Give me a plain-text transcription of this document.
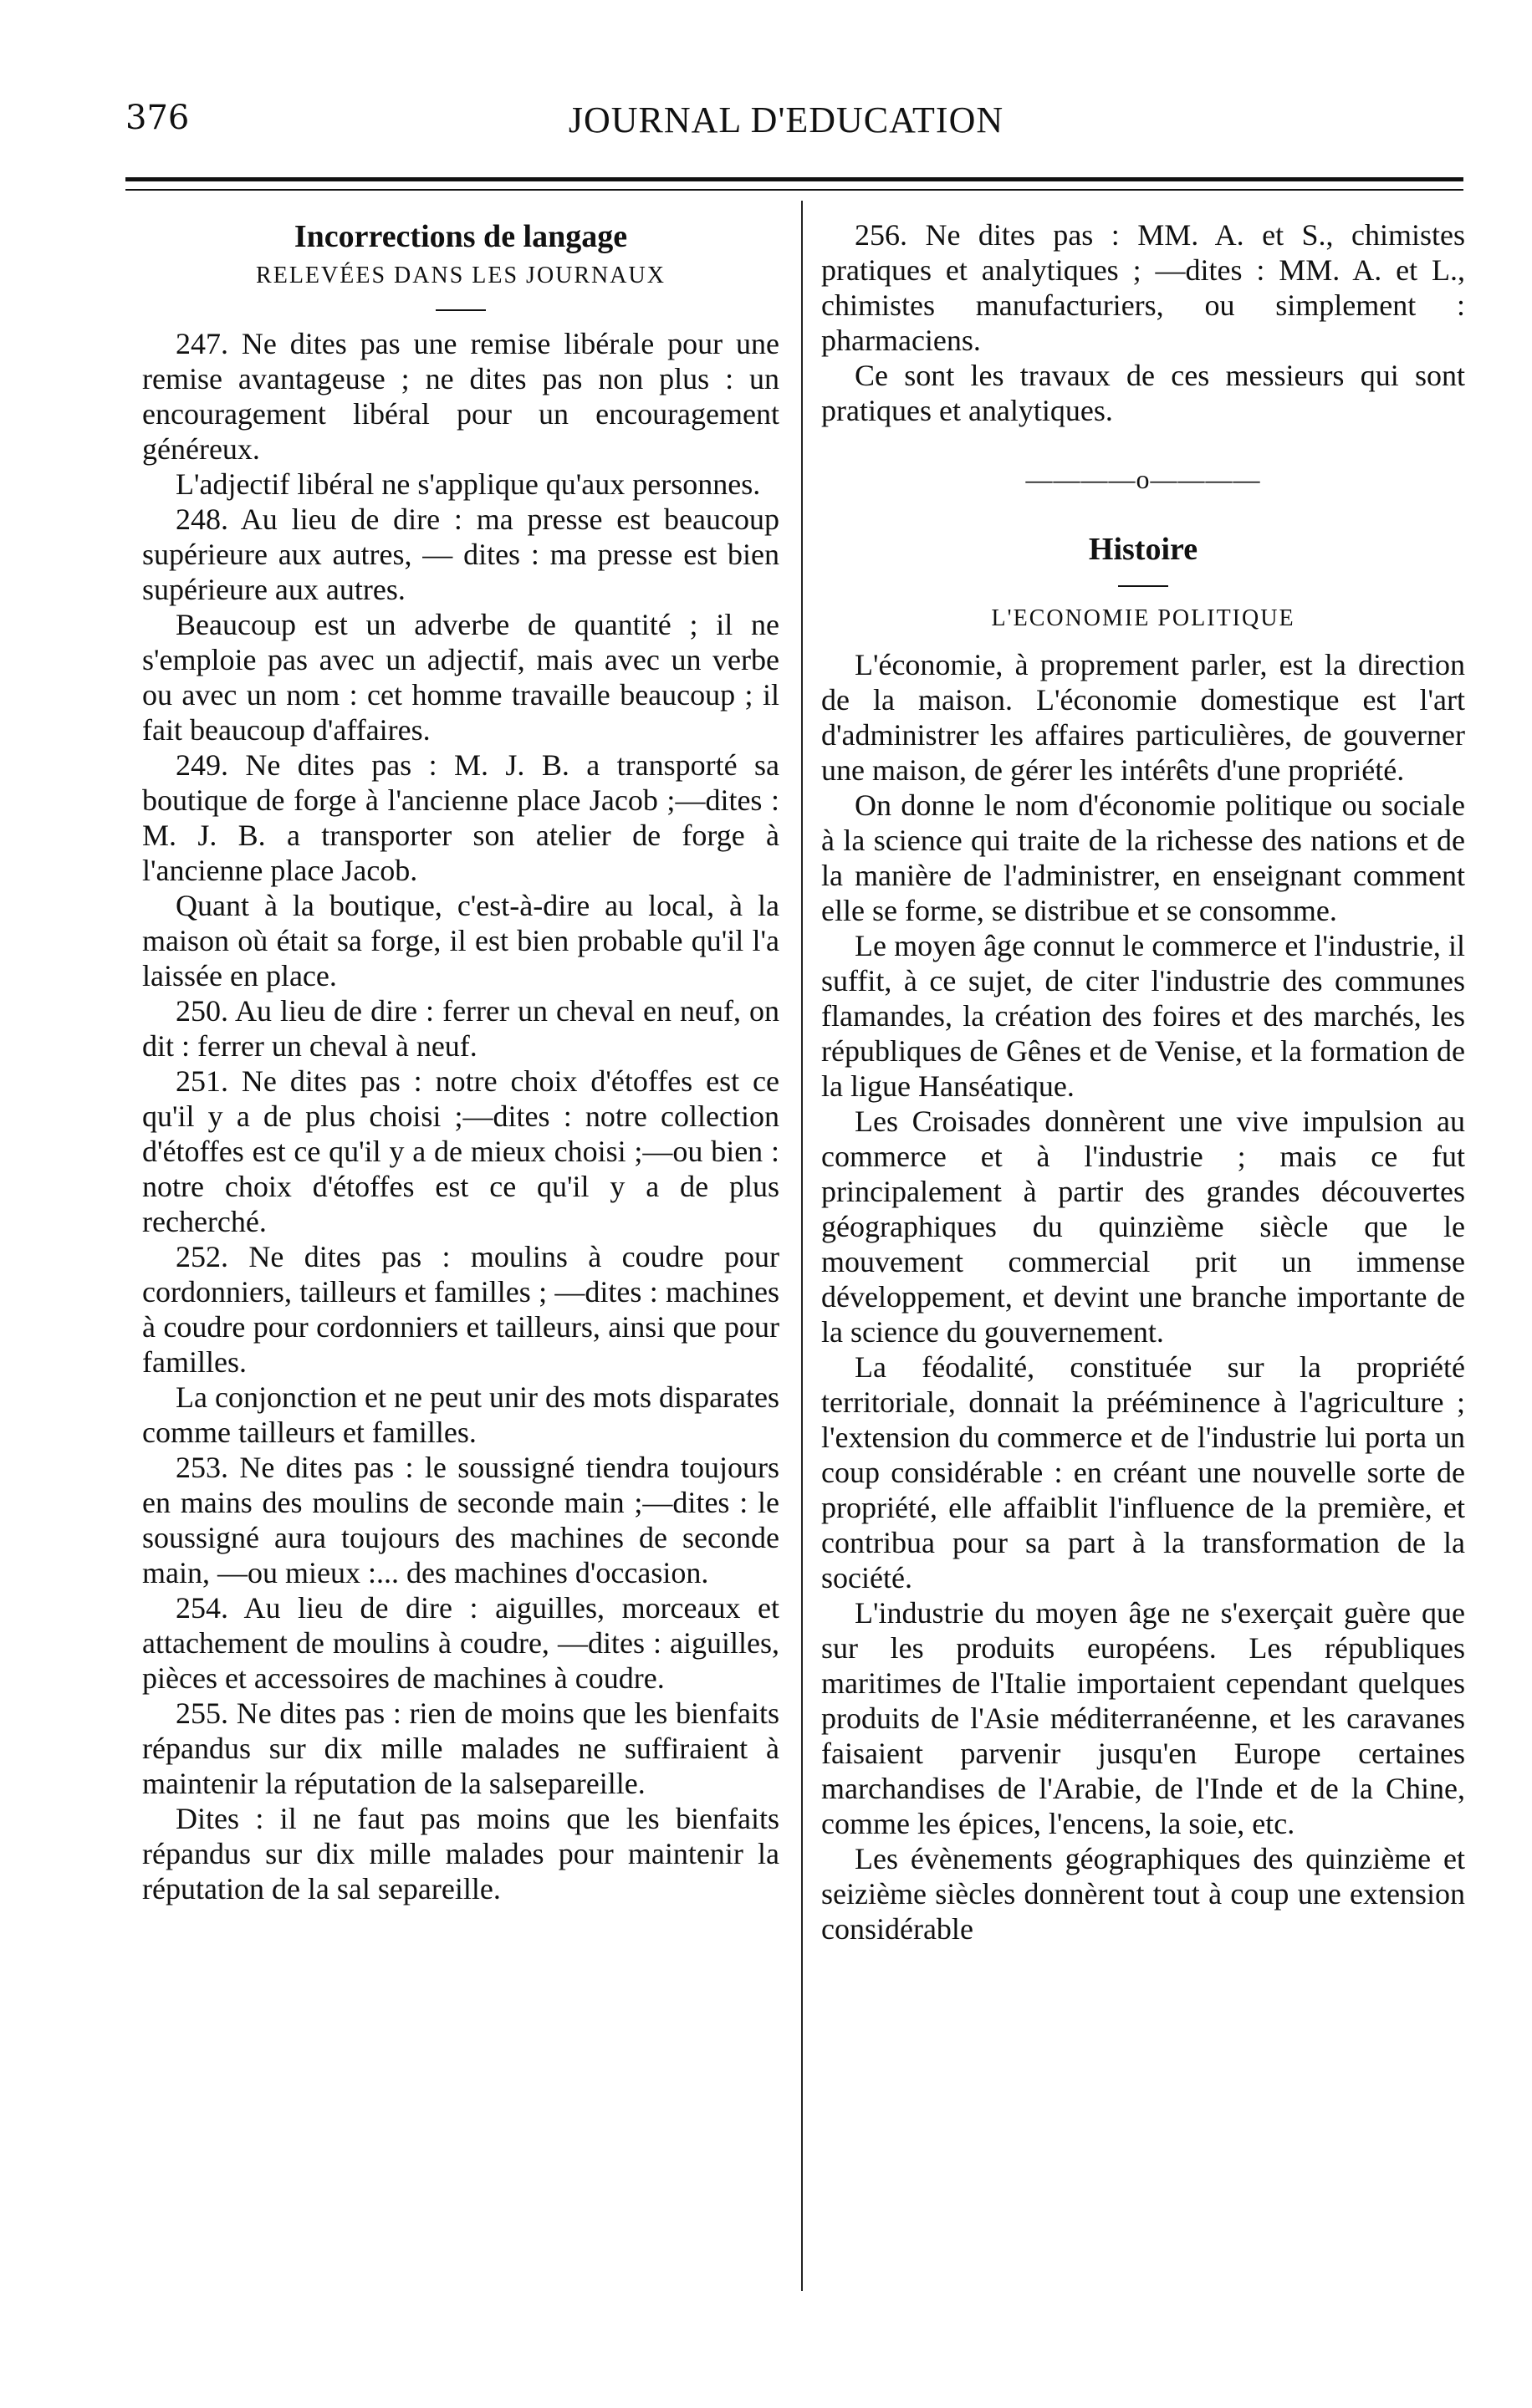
376	JOURNAL D'EDUCATION
Incorrections de langage
RELEVÉES DANS LES JOURNAUX

247. Ne dites pas une remise libérale pour une remise avantageuse ; ne dites pas non plus : un encouragement libéral pour un encouragement généreux.

L'adjectif libéral ne s'applique qu'aux personnes.

248. Au lieu de dire : ma presse est beaucoup supérieure aux autres, — dites : ma presse est bien supérieure aux autres.

Beaucoup est un adverbe de quantité ; il ne s'emploie pas avec un adjectif, mais avec un verbe ou avec un nom : cet homme travaille beaucoup ; il fait beaucoup d'affaires.

249. Ne dites pas : M. J. B. a transporté sa boutique de forge à l'ancienne place Jacob ;—dites : M. J. B. a transporter son atelier de forge à l'ancienne place Jacob.

Quant à la boutique, c'est-à-dire au local, à la maison où était sa forge, il est bien probable qu'il l'a laissée en place.

250. Au lieu de dire : ferrer un cheval en neuf, on dit : ferrer un cheval à neuf.

251. Ne dites pas : notre choix d'étoffes est ce qu'il y a de plus choisi ;—dites : notre collection d'étoffes est ce qu'il y a de mieux choisi ;—ou bien : notre choix d'étoffes est ce qu'il y a de plus recherché.

252. Ne dites pas : moulins à coudre pour cordonniers, tailleurs et familles ; —dites : machines à coudre pour cordonniers et tailleurs, ainsi que pour familles.

La conjonction et ne peut unir des mots disparates comme tailleurs et familles.

253. Ne dites pas : le soussigné tiendra toujours en mains des moulins de seconde main ;—dites : le soussigné aura toujours des machines de seconde main, —ou mieux :... des machines d'occasion.

254. Au lieu de dire : aiguilles, morceaux et attachement de moulins à coudre, —dites : aiguilles, pièces et accessoires de machines à coudre.

255. Ne dites pas : rien de moins que les bienfaits répandus sur dix mille malades ne suffiraient à maintenir la réputation de la salsepareille.

Dites : il ne faut pas moins que les bienfaits répandus sur dix mille malades pour maintenir la réputation de la sal separeille.

256. Ne dites pas : MM. A. et S., chimistes pratiques et analytiques ; —dites : MM. A. et L., chimistes manufacturiers, ou simplement : pharmaciens.

Ce sont les travaux de ces messieurs qui sont pratiques et analytiques.

————o————
Histoire
L'ECONOMIE POLITIQUE

L'économie, à proprement parler, est la direction de la maison. L'économie domestique est l'art d'administrer les affaires particulières, de gouverner une maison, de gérer les intérêts d'une propriété.

On donne le nom d'économie politique ou sociale à la science qui traite de la richesse des nations et de la manière de l'administrer, en enseignant comment elle se forme, se distribue et se consomme.

Le moyen âge connut le commerce et l'industrie, il suffit, à ce sujet, de citer l'industrie des communes flamandes, la création des foires et des marchés, les républiques de Gênes et de Venise, et la formation de la ligue Hanséatique.

Les Croisades donnèrent une vive impulsion au commerce et à l'industrie ; mais ce fut principalement à partir des grandes découvertes géographiques du quinzième siècle que le mouvement commercial prit un immense développement, et devint une branche importante de la science du gouvernement.

La féodalité, constituée sur la propriété territoriale, donnait la prééminence à l'agriculture ; l'extension du commerce et de l'industrie lui porta un coup considérable : en créant une nouvelle sorte de propriété, elle affaiblit l'influence de la première, et contribua pour sa part à la transformation de la société.

L'industrie du moyen âge ne s'exerçait guère que sur les produits européens. Les républiques maritimes de l'Italie importaient cependant quelques produits de l'Asie méditerranéenne, et les caravanes faisaient parvenir jusqu'en Europe certaines marchandises de l'Arabie, de l'Inde et de la Chine, comme les épices, l'encens, la soie, etc.

Les évènements géographiques des quinzième et seizième siècles donnèrent tout à coup une extension considérable
